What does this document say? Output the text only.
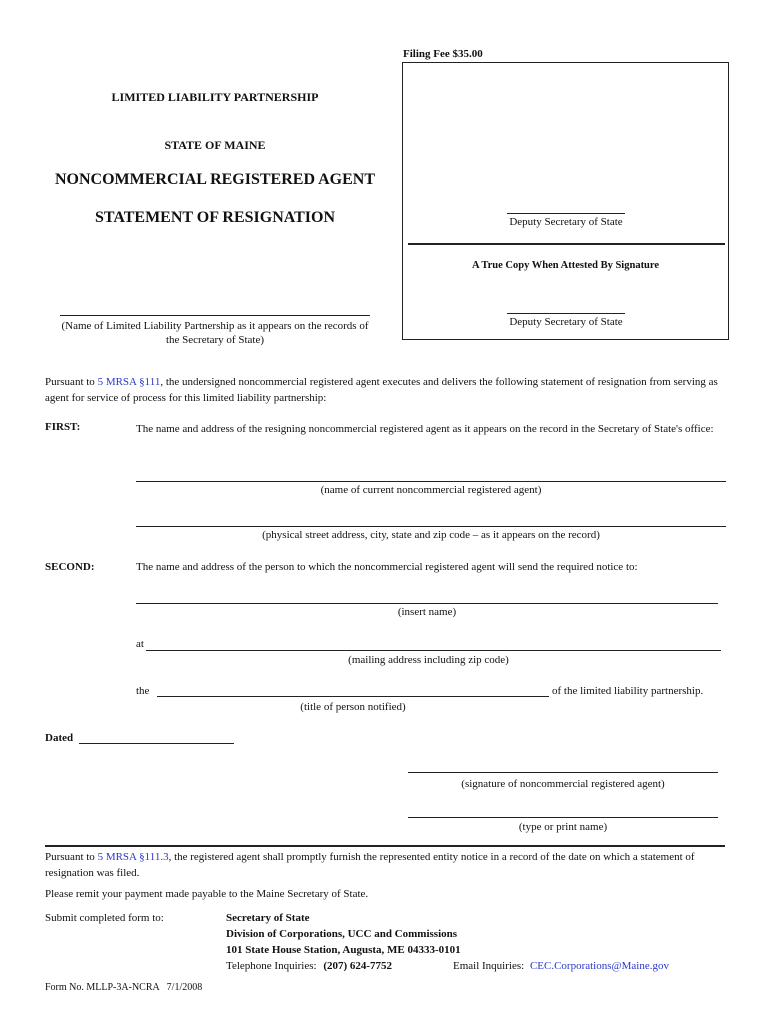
Filing Fee $35.00
LIMITED LIABILITY PARTNERSHIP
STATE OF MAINE
NONCOMMERCIAL REGISTERED AGENT
STATEMENT OF RESIGNATION	Deputy Secretary of State
A True Copy When Attested By Signature
Deputy Secretary of State
(Name of Limited Liability Partnership as it appears on the records of
the Secretary of State)
Pursuant to 5 MRSA §111, the undersigned noncommercial registered agent executes and delivers the following statement of resignation from serving as agent for service of process for this limited liability partnership:
FIRST:	The name and address of the resigning noncommercial registered agent as it appears on the record in the Secretary of State's office:
(name of current noncommercial registered agent)
(physical street address, city, state and zip code – as it appears on the record)
SECOND:	The name and address of the person to which the noncommercial registered agent will send the required notice to:
(insert name)
at
(mailing address including zip code)
the	of the limited liability partnership.
(title of person notified)
Dated
(signature of noncommercial registered agent)
(type or print name)
Pursuant to 5 MRSA §111.3, the registered agent shall promptly furnish the represented entity notice in a record of the date on which a statement of resignation was filed.
Please remit your payment made payable to the Maine Secretary of State.
Submit completed form to:	Secretary of State
Division of Corporations, UCC and Commissions
101 State House Station, Augusta, ME 04333-0101
Telephone Inquiries: (207) 624-7752	Email Inquiries: CEC.Corporations@Maine.gov
Form No. MLLP-3A-NCRA   7/1/2008
